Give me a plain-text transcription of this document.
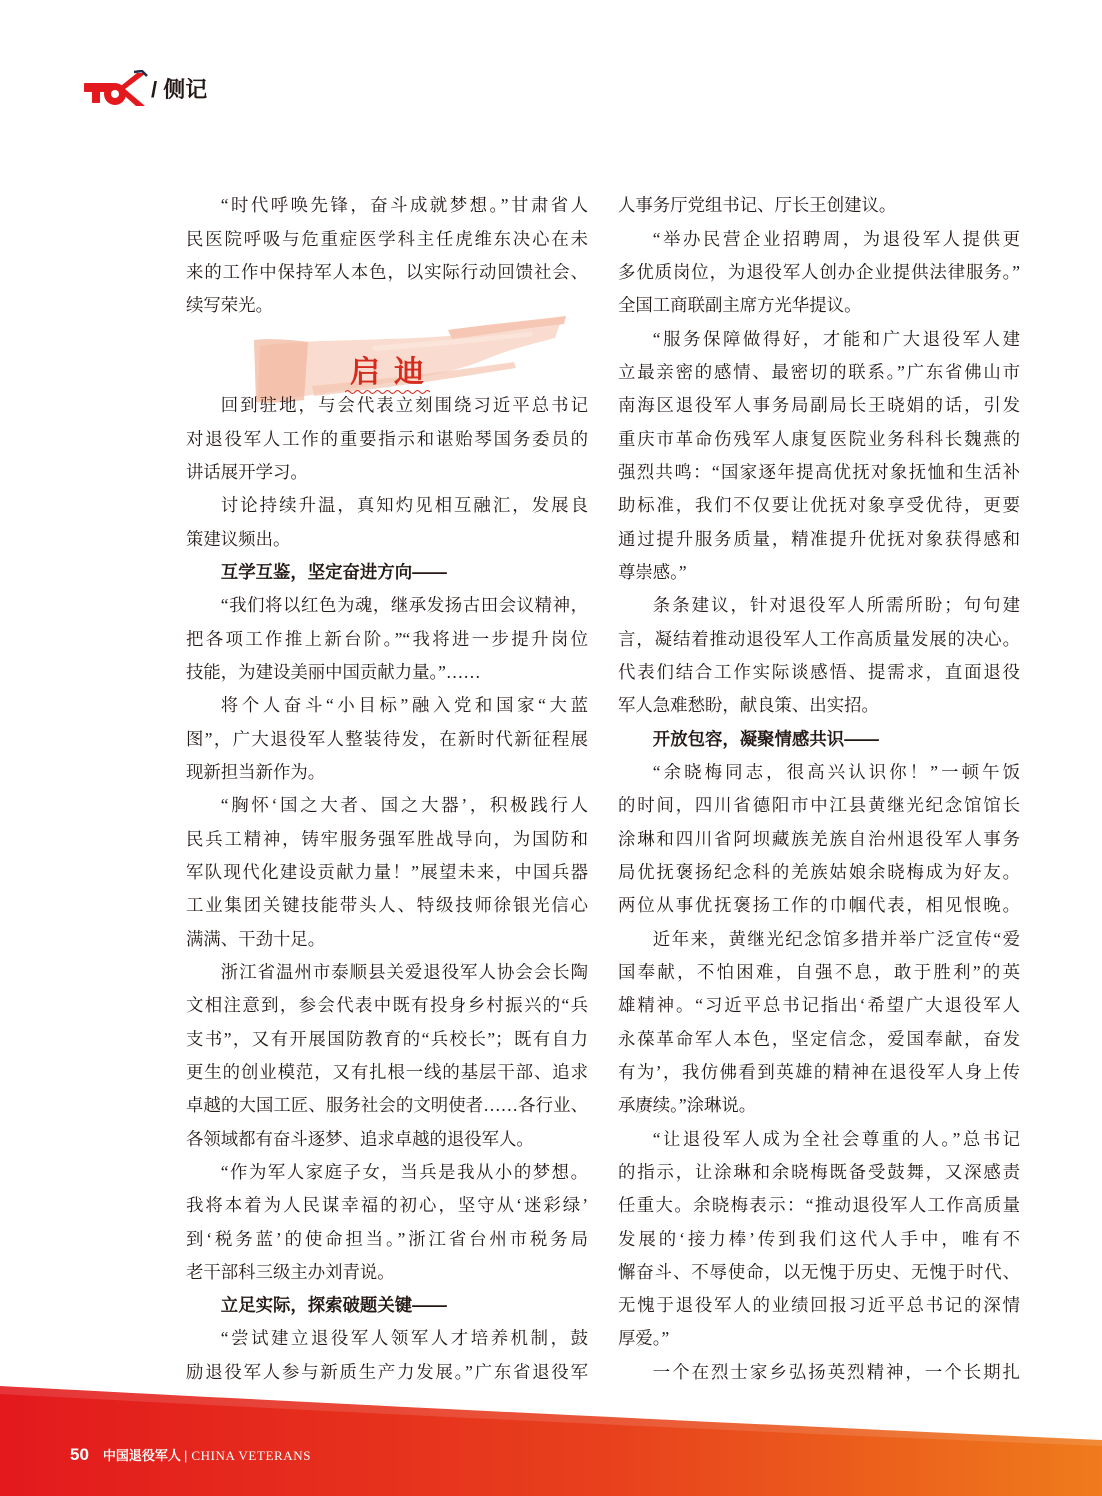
/ 侧记
启迪
“时代呼唤先锋，奋斗成就梦想。”甘肃省人
民医院呼吸与危重症医学科主任虎维东决心在未
来的工作中保持军人本色，以实际行动回馈社会、
续写荣光。
回到驻地，与会代表立刻围绕习近平总书记
对退役军人工作的重要指示和谌贻琴国务委员的
讲话展开学习。
讨论持续升温，真知灼见相互融汇，发展良
策建议频出。
互学互鉴，坚定奋进方向——
“我们将以红色为魂，继承发扬古田会议精神，
把各项工作推上新台阶。”“我将进一步提升岗位
技能，为建设美丽中国贡献力量。”……
将个人奋斗“小目标”融入党和国家“大蓝
图”，广大退役军人整装待发，在新时代新征程展
现新担当新作为。
“胸怀‘国之大者、国之大器’，积极践行人
民兵工精神，铸牢服务强军胜战导向，为国防和
军队现代化建设贡献力量！”展望未来，中国兵器
工业集团关键技能带头人、特级技师徐银光信心
满满、干劲十足。
浙江省温州市泰顺县关爱退役军人协会会长陶
文相注意到，参会代表中既有投身乡村振兴的“兵
支书”，又有开展国防教育的“兵校长”；既有自力
更生的创业模范，又有扎根一线的基层干部、追求
卓越的大国工匠、服务社会的文明使者……各行业、
各领域都有奋斗逐梦、追求卓越的退役军人。
“作为军人家庭子女，当兵是我从小的梦想。
我将本着为人民谋幸福的初心，坚守从‘迷彩绿’
到‘税务蓝’的使命担当。”浙江省台州市税务局
老干部科三级主办刘青说。
立足实际，探索破题关键——
“尝试建立退役军人领军人才培养机制，鼓
励退役军人参与新质生产力发展。”广东省退役军
人事务厅党组书记、厅长王创建议。
“举办民营企业招聘周，为退役军人提供更
多优质岗位，为退役军人创办企业提供法律服务。”
全国工商联副主席方光华提议。
“服务保障做得好，才能和广大退役军人建
立最亲密的感情、最密切的联系。”广东省佛山市
南海区退役军人事务局副局长王晓娟的话，引发
重庆市革命伤残军人康复医院业务科科长魏燕的
强烈共鸣：“国家逐年提高优抚对象抚恤和生活补
助标准，我们不仅要让优抚对象享受优待，更要
通过提升服务质量，精准提升优抚对象获得感和
尊崇感。”
条条建议，针对退役军人所需所盼；句句建
言，凝结着推动退役军人工作高质量发展的决心。
代表们结合工作实际谈感悟、提需求，直面退役
军人急难愁盼，献良策、出实招。
开放包容，凝聚情感共识——
“余晓梅同志，很高兴认识你！”一顿午饭
的时间，四川省德阳市中江县黄继光纪念馆馆长
涂琳和四川省阿坝藏族羌族自治州退役军人事务
局优抚褒扬纪念科的羌族姑娘余晓梅成为好友。
两位从事优抚褒扬工作的巾帼代表，相见恨晚。
近年来，黄继光纪念馆多措并举广泛宣传“爱
国奉献，不怕困难，自强不息，敢于胜利”的英
雄精神。“习近平总书记指出‘希望广大退役军人
永葆革命军人本色，坚定信念，爱国奉献，奋发
有为’，我仿佛看到英雄的精神在退役军人身上传
承赓续。”涂琳说。
“让退役军人成为全社会尊重的人。”总书记
的指示，让涂琳和余晓梅既备受鼓舞，又深感责
任重大。余晓梅表示：“推动退役军人工作高质量
发展的‘接力棒’传到我们这代人手中，唯有不
懈奋斗、不辱使命，以无愧于历史、无愧于时代、
无愧于退役军人的业绩回报习近平总书记的深情
厚爱。”
一个在烈士家乡弘扬英烈精神，一个长期扎
50 中国退役军人 | CHINA VETERANS
